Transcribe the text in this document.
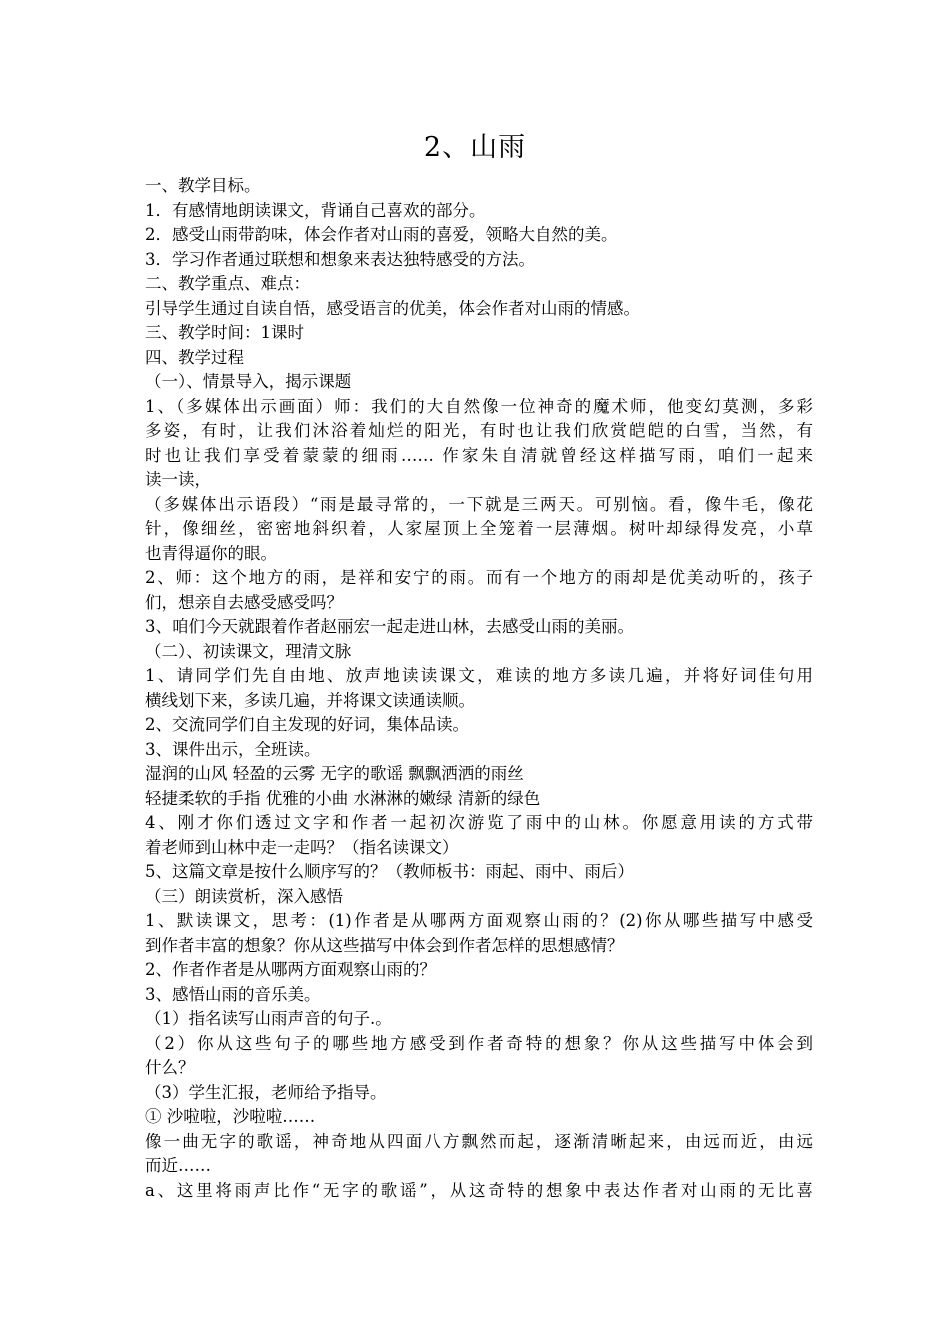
2、山雨
一、教学目标。
1．有感情地朗读课文，背诵自己喜欢的部分。
2．感受山雨带韵味，体会作者对山雨的喜爱，领略大自然的美。
3．学习作者通过联想和想象来表达独特感受的方法。
二、教学重点、难点：
引导学生通过自读自悟，感受语言的优美，体会作者对山雨的情感。
三、教学时间：1课时
四、教学过程
（一）、情景导入，揭示课题
1、（多媒体出示画面）师：我们的大自然像一位神奇的魔术师，他变幻莫测，多彩
多姿，有时，让我们沐浴着灿烂的阳光，有时也让我们欣赏皑皑的白雪，当然，有
时也让我们享受着蒙蒙的细雨…… 作家朱自清就曾经这样描写雨，咱们一起来
读一读，
（多媒体出示语段）“雨是最寻常的，一下就是三两天。可别恼。看，像牛毛，像花
针，像细丝，密密地斜织着，人家屋顶上全笼着一层薄烟。树叶却绿得发亮，小草
也青得逼你的眼。
2、师：这个地方的雨，是祥和安宁的雨。而有一个地方的雨却是优美动听的，孩子
们，想亲自去感受感受吗？
3、咱们今天就跟着作者赵丽宏一起走进山林，去感受山雨的美丽。
（二）、初读课文，理清文脉
1、请同学们先自由地、放声地读读课文，难读的地方多读几遍，并将好词佳句用
横线划下来，多读几遍，并将课文读通读顺。
2、交流同学们自主发现的好词，集体品读。
3、课件出示，全班读。
湿润的山风 轻盈的云雾 无字的歌谣 飘飘洒洒的雨丝
轻捷柔软的手指 优雅的小曲 水淋淋的嫩绿 清新的绿色
4、刚才你们透过文字和作者一起初次游览了雨中的山林。你愿意用读的方式带
着老师到山林中走一走吗？（指名读课文）
5、这篇文章是按什么顺序写的？（教师板书：雨起、雨中、雨后）
（三）朗读赏析，深入感悟
1、默读课文，思考：(1)作者是从哪两方面观察山雨的？(2)你从哪些描写中感受
到作者丰富的想象？你从这些描写中体会到作者怎样的思想感情？
2、作者作者是从哪两方面观察山雨的？
3、感悟山雨的音乐美。
（1）指名读写山雨声音的句子.。
（2）你从这些句子的哪些地方感受到作者奇特的想象？你从这些描写中体会到
什么？
（3）学生汇报，老师给予指导。
① 沙啦啦，沙啦啦……
像一曲无字的歌谣，神奇地从四面八方飘然而起，逐渐清晰起来，由远而近，由远
而近……
a、这里将雨声比作“无字的歌谣”，从这奇特的想象中表达作者对山雨的无比喜
